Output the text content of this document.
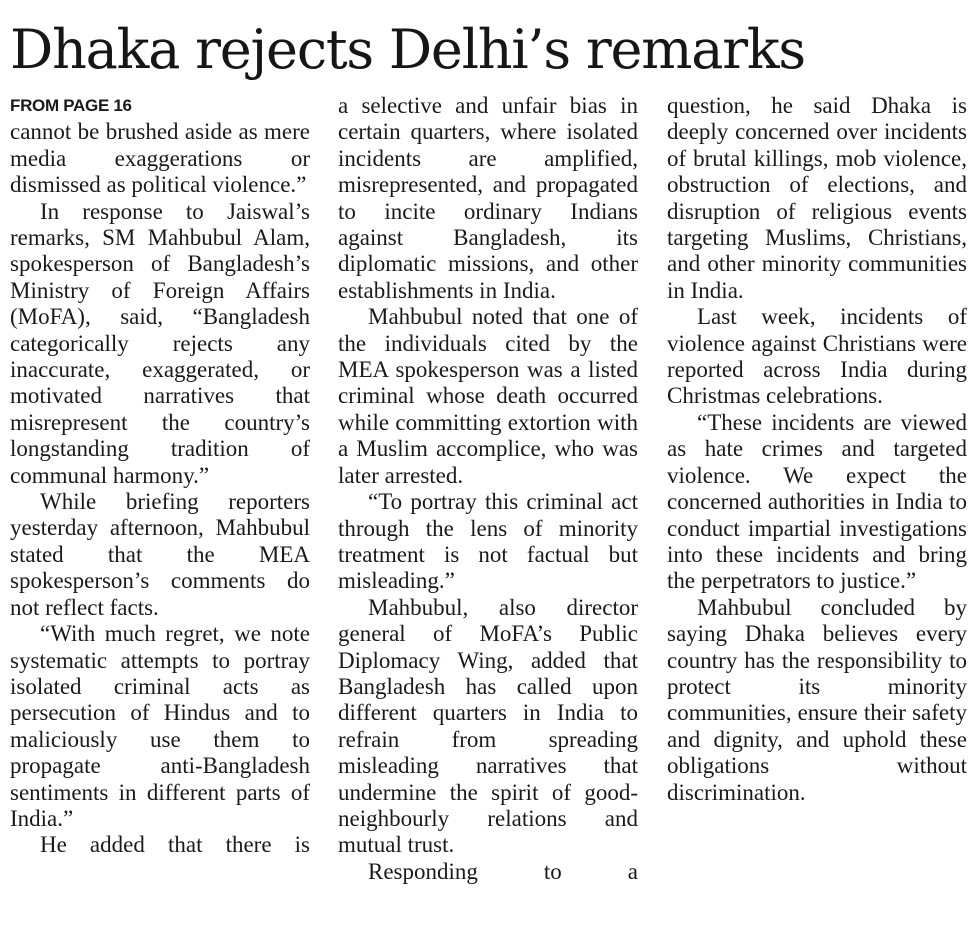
Dhaka rejects Delhi’s remarks
FROM PAGE 16

cannot be brushed aside as mere media exaggerations or dismissed as political violence.”

In response to Jaiswal’s remarks, SM Mahbubul Alam, spokesperson of Bangladesh’s Ministry of Foreign Affairs (MoFA), said, “Bangladesh categorically rejects any inaccurate, exaggerated, or motivated narratives that misrepresent the country’s longstanding tradition of communal harmony.”

While briefing reporters yesterday afternoon, Mahbubul stated that the MEA spokesperson’s comments do not reflect facts.

“With much regret, we note systematic attempts to portray isolated criminal acts as persecution of Hindus and to maliciously use them to propagate anti-Bangladesh sentiments in different parts of India.”

He added that there is

a selective and unfair bias in certain quarters, where isolated incidents are amplified, misrepresented, and propagated to incite ordinary Indians against Bangladesh, its diplomatic missions, and other establishments in India.

Mahbubul noted that one of the individuals cited by the MEA spokesperson was a listed criminal whose death occurred while committing extortion with a Muslim accomplice, who was later arrested.

“To portray this criminal act through the lens of minority treatment is not factual but misleading.”

Mahbubul, also director general of MoFA’s Public Diplomacy Wing, added that Bangladesh has called upon different quarters in India to refrain from spreading misleading narratives that undermine the spirit of good-neighbourly relations and mutual trust.

Responding to a

question, he said Dhaka is deeply concerned over incidents of brutal killings, mob violence, obstruction of elections, and disruption of religious events targeting Muslims, Christians, and other minority communities in India.

Last week, incidents of violence against Christians were reported across India during Christmas celebrations.

“These incidents are viewed as hate crimes and targeted violence. We expect the concerned authorities in India to conduct impartial investigations into these incidents and bring the perpetrators to justice.”

Mahbubul concluded by saying Dhaka believes every country has the responsibility to protect its minority communities, ensure their safety and dignity, and uphold these obligations without discrimination.
